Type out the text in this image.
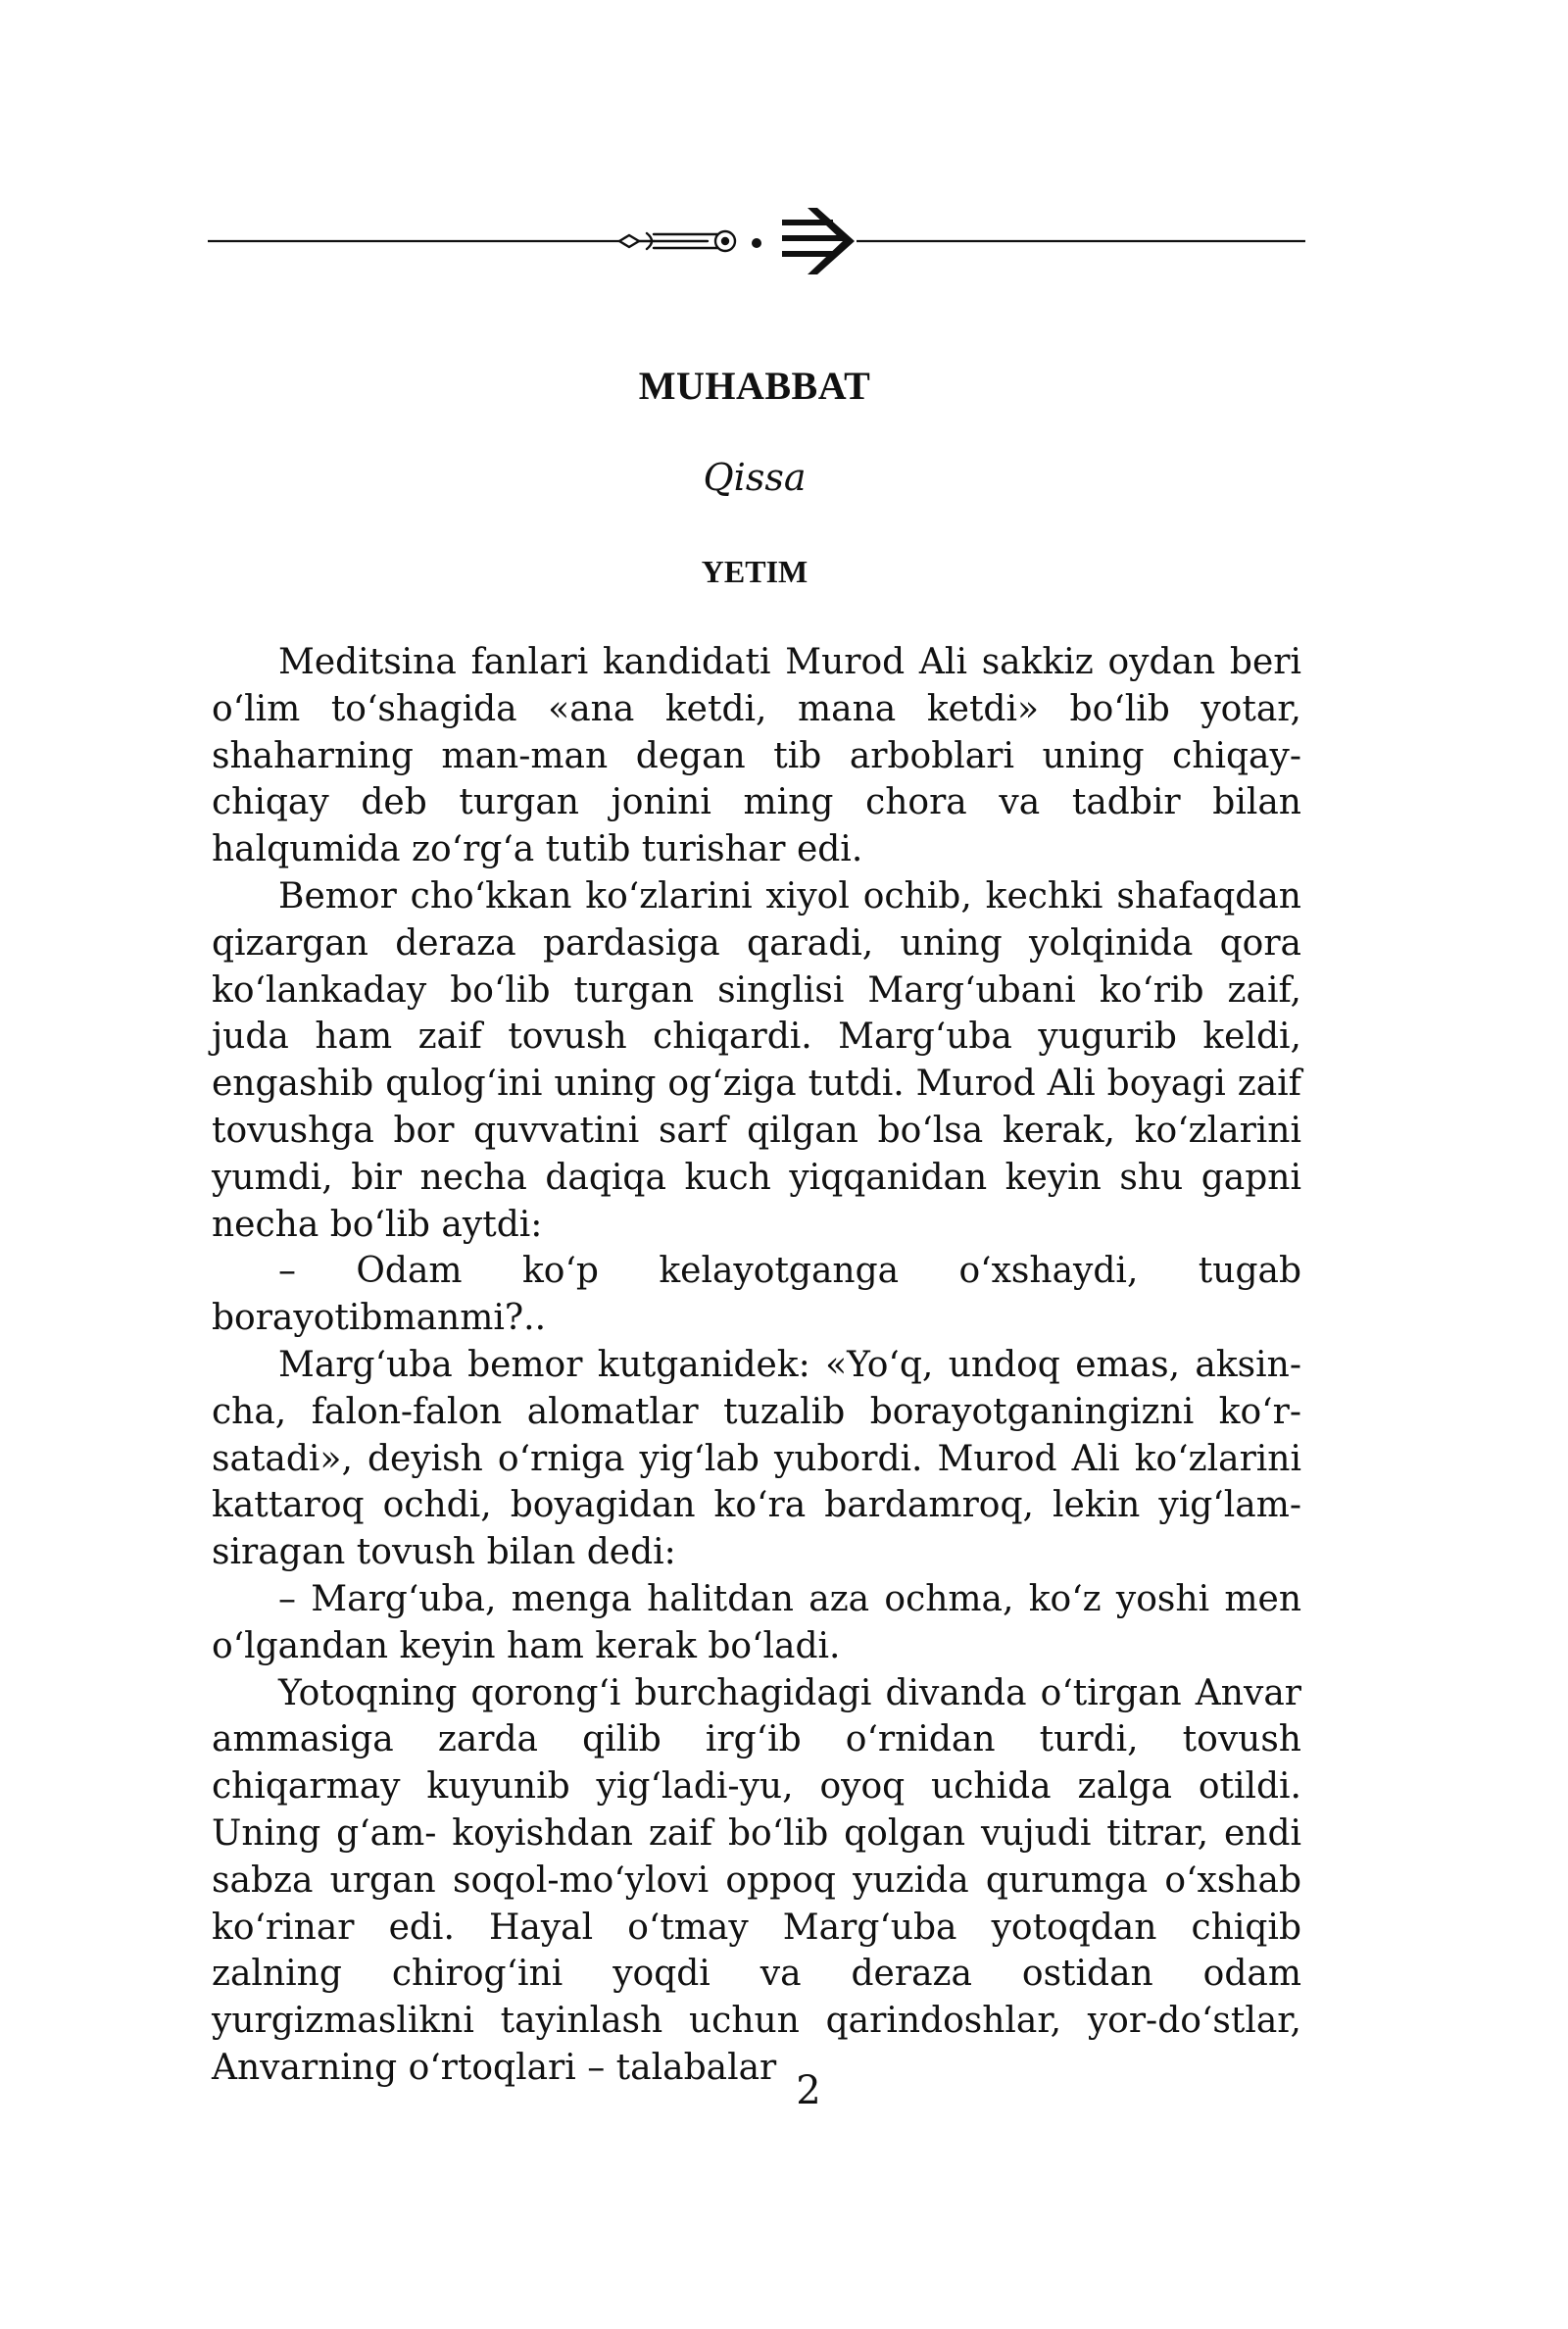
MUHABBAT
Qissa
YETIM

Meditsina fanlari kandidati Murod Ali sakkiz oydan beri o‘lim to‘shagida «ana ketdi, mana ketdi» bo‘lib yotar, shaharning man-man degan tib arboblari uning chiqay-chiqay deb turgan jonini ming chora va tadbir bilan halqumida zo‘rg‘a tutib turishar edi.

Bemor cho‘kkan ko‘zlarini xiyol ochib, kechki shafaqdan qizargan deraza pardasiga qaradi, uning yolqinida qora ko‘lankaday bo‘lib turgan singlisi Marg‘ubani ko‘rib zaif, juda ham zaif tovush chiqardi. Marg‘uba yugurib keldi, engashib qulog‘ini uning og‘ziga tutdi. Murod Ali boyagi zaif tovushga bor quvvatini sarf qilgan bo‘lsa kerak, ko‘zlarini yumdi, bir necha daqiqa kuch yiqqanidan keyin shu gapni necha bo‘lib aytdi:

– Odam ko‘p kelayotganga o‘xshaydi, tugab borayotibmanmi?..

Marg‘uba bemor kutganidek: «Yo‘q, undoq emas, aksin- cha, falon-falon alomatlar tuzalib borayotganingizni ko‘r- satadi», deyish o‘rniga yig‘lab yubordi. Murod Ali ko‘zlarini kattaroq ochdi, boyagidan ko‘ra bardamroq, lekin yig‘lam- siragan tovush bilan dedi:

– Marg‘uba, menga halitdan aza ochma, ko‘z yoshi men o‘lgandan keyin ham kerak bo‘ladi.

Yotoqning qorong‘i burchagidagi divanda o‘tirgan Anvar ammasiga zarda qilib irg‘ib o‘rnidan turdi, tovush chiqarmay kuyunib yig‘ladi-yu, oyoq uchida zalga otildi. Uning g‘am- koyishdan zaif bo‘lib qolgan vujudi titrar, endi sabza urgan soqol-mo‘ylovi oppoq yuzida qurumga o‘xshab ko‘rinar edi. Hayal o‘tmay Marg‘uba yotoqdan chiqib zalning chirog‘ini yoqdi va deraza ostidan odam yurgizmaslikni tayinlash uchun qarindoshlar, yor-do‘stlar, Anvarning o‘rtoqlari – talabalar

2
